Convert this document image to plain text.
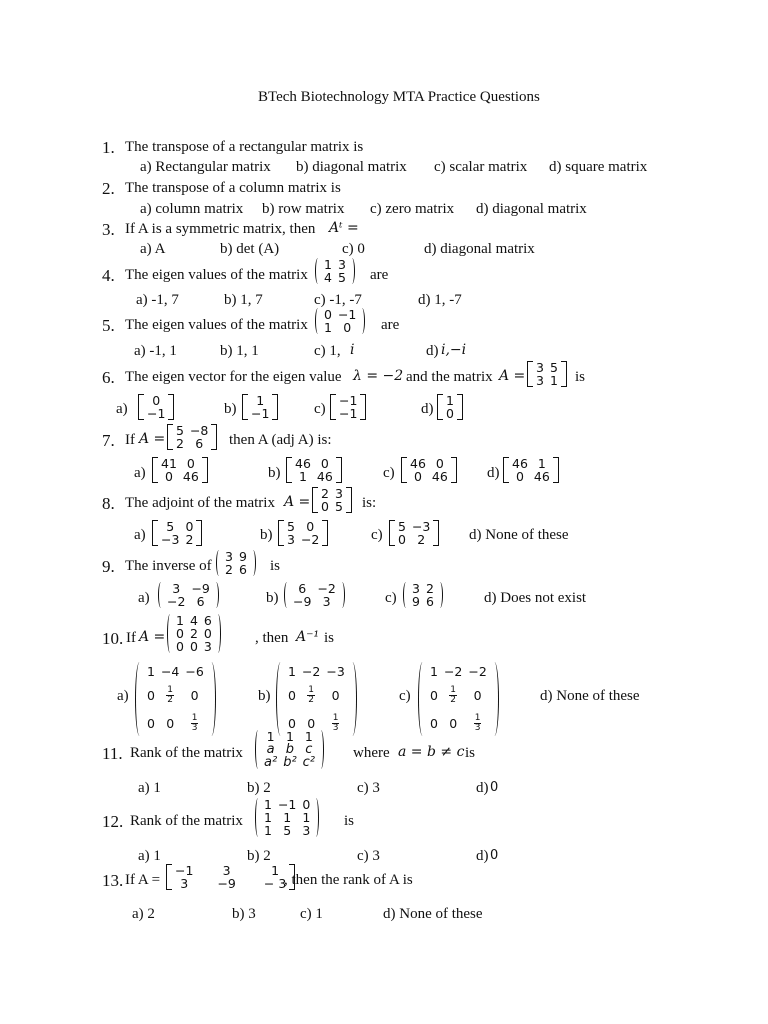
BTech Biotechnology MTA Practice Questions
1. The transpose of a rectangular matrix is
a) Rectangular matrix b) diagonal matrix c) scalar matrix d) square matrix
2. The transpose of a column matrix is
a) column matrix b) row matrix c) zero matrix d) diagonal matrix
3. If A is a symmetric matrix, then Aᵗ =
a) A	b) det (A)	c) 0	d) diagonal matrix
4. The eigen values of the matrix
1	3
4	5 are
a) -1, 7	b) 1, 7	c) -1, -7	d) 1, -7
5. The eigen values of the matrix
0	−1
1	0 are
a) -1, 1	b) 1, 1	c) 1, i	d) i,−i
6. The eigen vector for the eigen value λ = −2 and the matrix A =
3	5
3	1 is
a)
0
−1	b)
1
−1	c)
−1
−1	d)
1
0
7. If A =
5	−8
2	6 then A (adj A) is:
a)
41	0
0	46	b)
46	0
1	46	c)
46	0
0	46	d)
46	1
0	46
8. The adjoint of the matrix A =
2	3
0	5 is:
a)
5	0
−3	2	b)
5	0
3	−2	c)
5	−3
0	2	d) None of these
9. The inverse of
3	9
2	6 is
a)
3	−9
−2	6	b)
6	−2
−9	3	c)
3	2
9	6	d) Does not exist
10. If A =
1	4	6
0	2	0
0	0	3
, then A⁻¹ is
a)
1	−4	−6
0	$\frac{1}{2}$	0
0	0	$\frac{1}{3}$
b)
1	−2	−3
0	$\frac{1}{2}$	0
0	0	$\frac{1}{3}$
c)
1	−2	−2
0	$\frac{1}{2}$	0
0	0	$\frac{1}{3}$
d) None of these
11. Rank of the matrix
1	1	1
a	b	c
a²	b²	c²
where a = b ≠ c is
a) 1	b) 2	c) 3	d) 0
12. Rank of the matrix
1	−1	0
1	1	1
1	5	3
is
a) 1	b) 2	c) 3	d) 0
13. If A =
−1	3	1
3	−9	− 3
, then the rank of A is
a) 2	b) 3	c) 1	d) None of these
